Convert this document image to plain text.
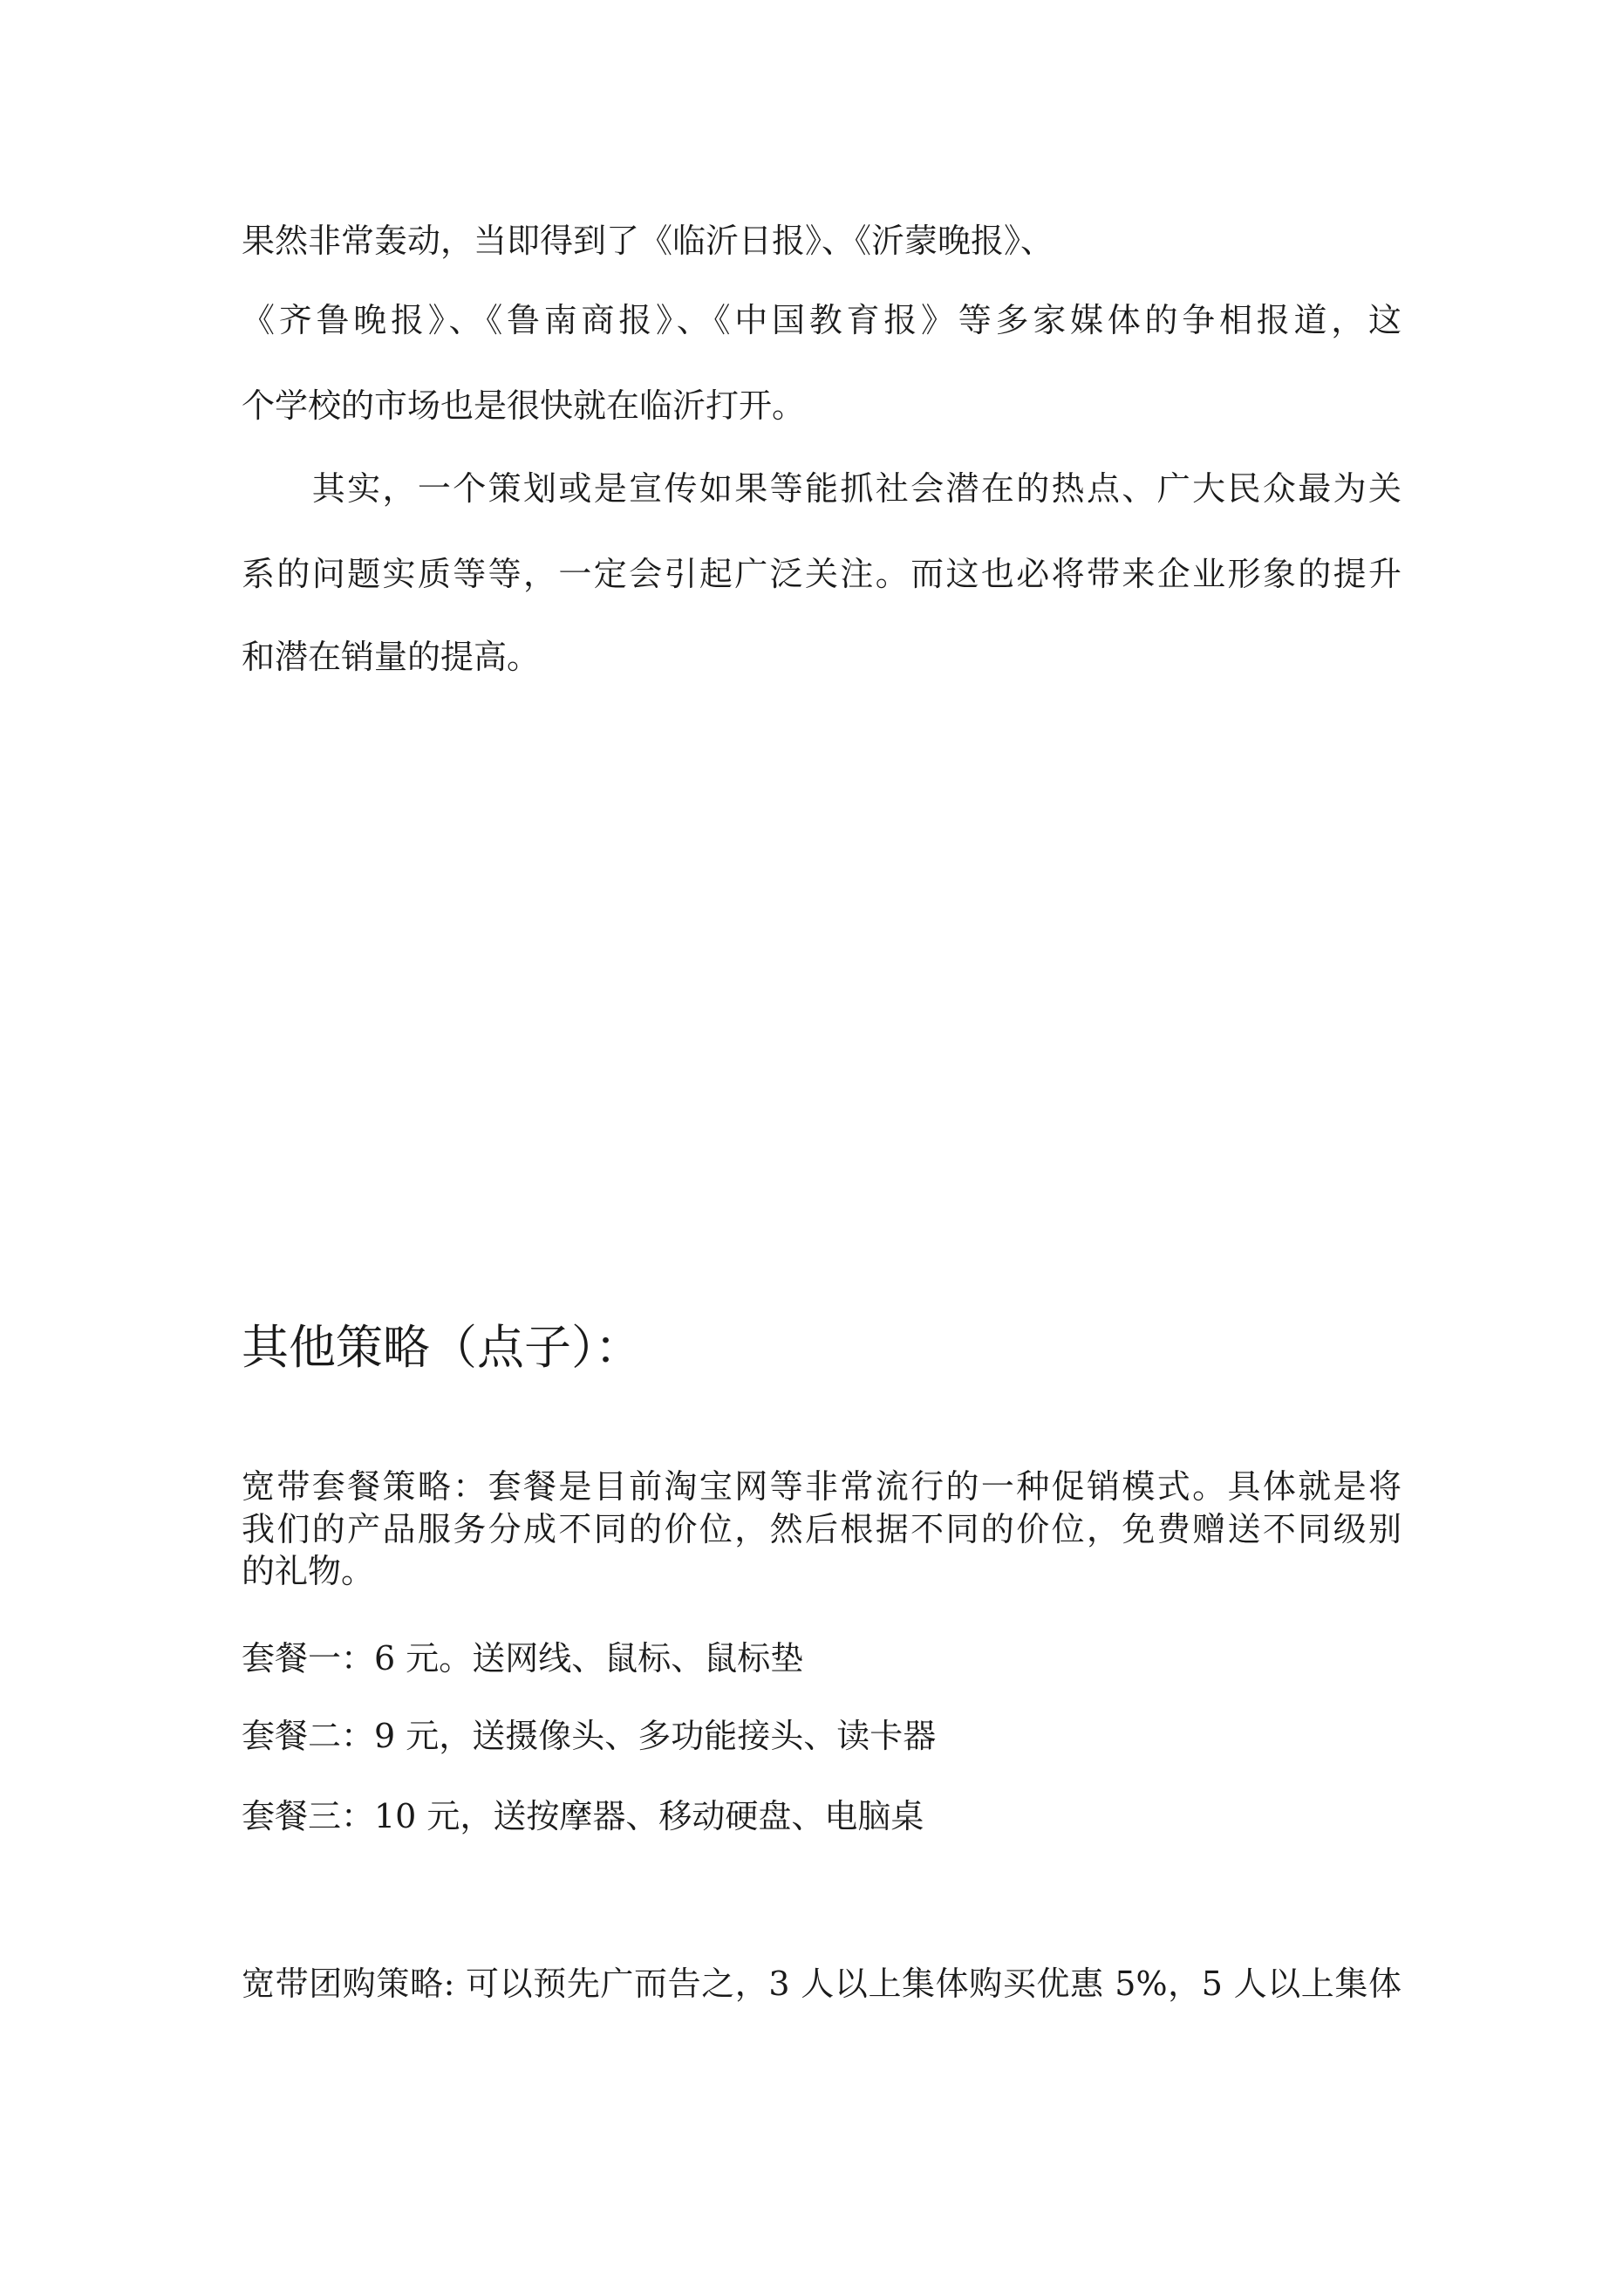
果然非常轰动，当即得到了《临沂日报》、《沂蒙晚报》、
《齐鲁晚报》、《鲁南商报》、《中国教育报》等多家媒体的争相报道，这
个学校的市场也是很快就在临沂打开。
　　其实，一个策划或是宣传如果等能抓社会潜在的热点、广大民众最为关
系的问题实质等等，一定会引起广泛关注。而这也必将带来企业形象的提升
和潜在销量的提高。
其他策略（点子）：
宽带套餐策略：套餐是目前淘宝网等非常流行的一种促销模式。具体就是将
我们的产品服务分成不同的价位，然后根据不同的价位，免费赠送不同级别
的礼物。
套餐一：6 元。送网线、鼠标、鼠标垫
套餐二：9 元，送摄像头、多功能接头、读卡器
套餐三：10 元，送按摩器、移动硬盘、电脑桌
宽带团购策略: 可以预先广而告之，3 人以上集体购买优惠 5%，5 人以上集体
